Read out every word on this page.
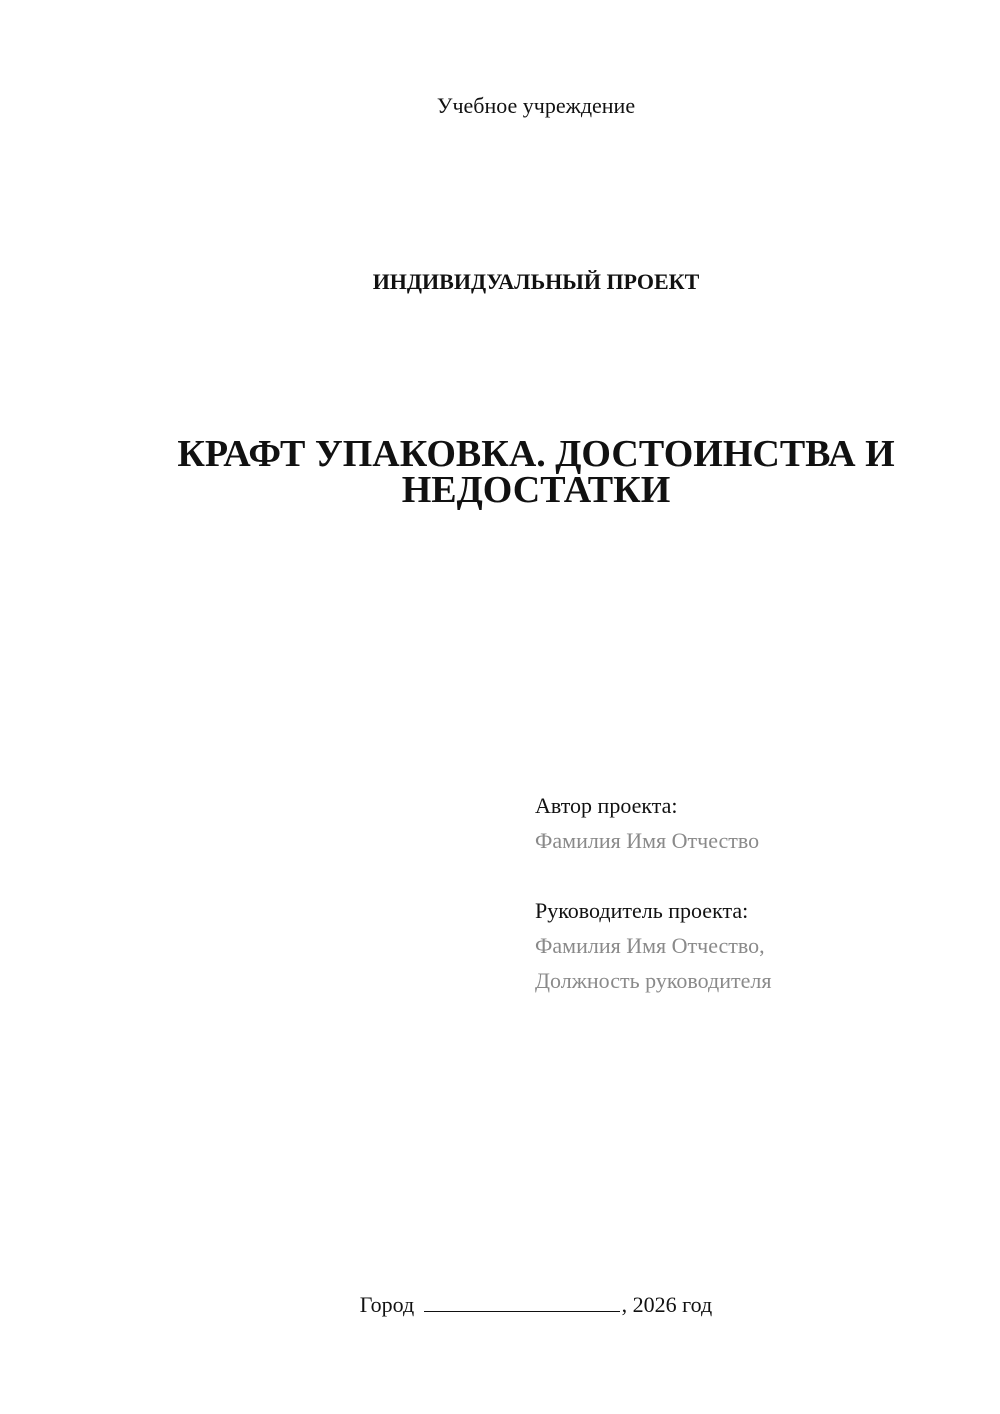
Учебное учреждение
ИНДИВИДУАЛЬНЫЙ ПРОЕКТ
КРАФТ УПАКОВКА. ДОСТОИНСТВА И
НЕДОСТАТКИ
Автор проекта:
Фамилия Имя Отчество
Руководитель проекта:
Фамилия Имя Отчество,
Должность руководителя
Город	, 2026 год
